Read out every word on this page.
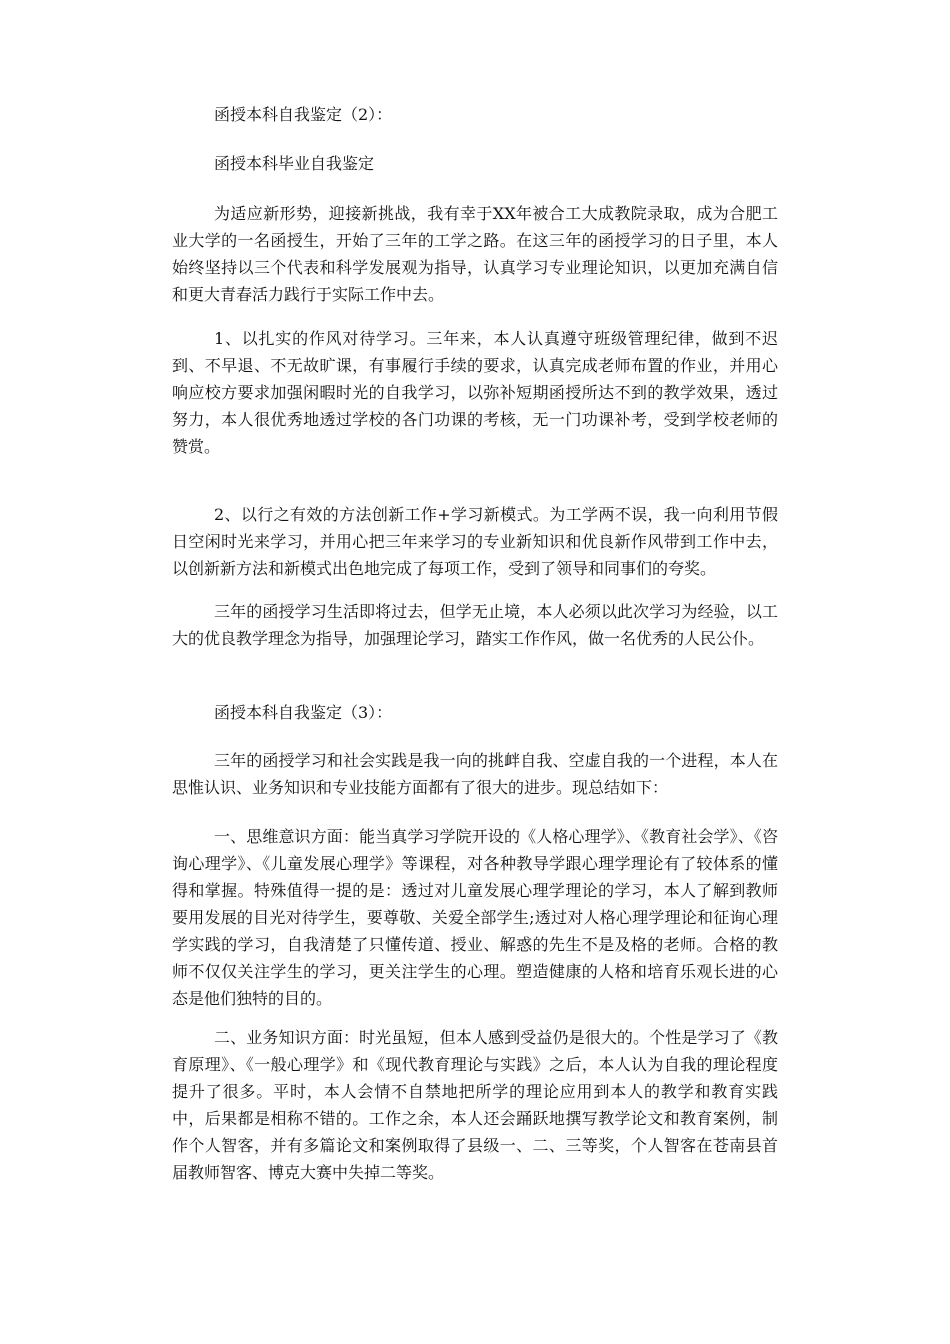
函授本科自我鉴定（2）：

函授本科毕业自我鉴定

为适应新形势，迎接新挑战，我有幸于XX年被合工大成教院录取，成为合肥工业大学的一名函授生，开始了三年的工学之路。在这三年的函授学习的日子里，本人始终坚持以三个代表和科学发展观为指导，认真学习专业理论知识，以更加充满自信和更大青春活力践行于实际工作中去。

1、以扎实的作风对待学习。三年来，本人认真遵守班级管理纪律，做到不迟到、不早退、不无故旷课，有事履行手续的要求，认真完成老师布置的作业，并用心响应校方要求加强闲暇时光的自我学习，以弥补短期函授所达不到的教学效果，透过努力，本人很优秀地透过学校的各门功课的考核，无一门功课补考，受到学校老师的赞赏。

2、以行之有效的方法创新工作+学习新模式。为工学两不误，我一向利用节假日空闲时光来学习，并用心把三年来学习的专业新知识和优良新作风带到工作中去，以创新新方法和新模式出色地完成了每项工作，受到了领导和同事们的夸奖。

三年的函授学习生活即将过去，但学无止境，本人必须以此次学习为经验，以工大的优良教学理念为指导，加强理论学习，踏实工作作风，做一名优秀的人民公仆。

函授本科自我鉴定（3）：

三年的函授学习和社会实践是我一向的挑衅自我、空虚自我的一个进程，本人在思惟认识、业务知识和专业技能方面都有了很大的进步。现总结如下：

一、思维意识方面：能当真学习学院开设的《人格心理学》、《教育社会学》、《咨询心理学》、《儿童发展心理学》等课程，对各种教导学跟心理学理论有了较体系的懂得和掌握。特殊值得一提的是：透过对儿童发展心理学理论的学习，本人了解到教师要用发展的目光对待学生，要尊敬、关爱全部学生;透过对人格心理学理论和征询心理学实践的学习，自我清楚了只懂传道、授业、解惑的先生不是及格的老师。合格的教师不仅仅关注学生的学习，更关注学生的心理。塑造健康的人格和培育乐观长进的心态是他们独特的目的。

二、业务知识方面：时光虽短，但本人感到受益仍是很大的。个性是学习了《教育原理》、《一般心理学》和《现代教育理论与实践》之后，本人认为自我的理论程度提升了很多。平时，本人会情不自禁地把所学的理论应用到本人的教学和教育实践中，后果都是相称不错的。工作之余，本人还会踊跃地撰写教学论文和教育案例，制作个人智客，并有多篇论文和案例取得了县级一、二、三等奖，个人智客在苍南县首届教师智客、博克大赛中失掉二等奖。
